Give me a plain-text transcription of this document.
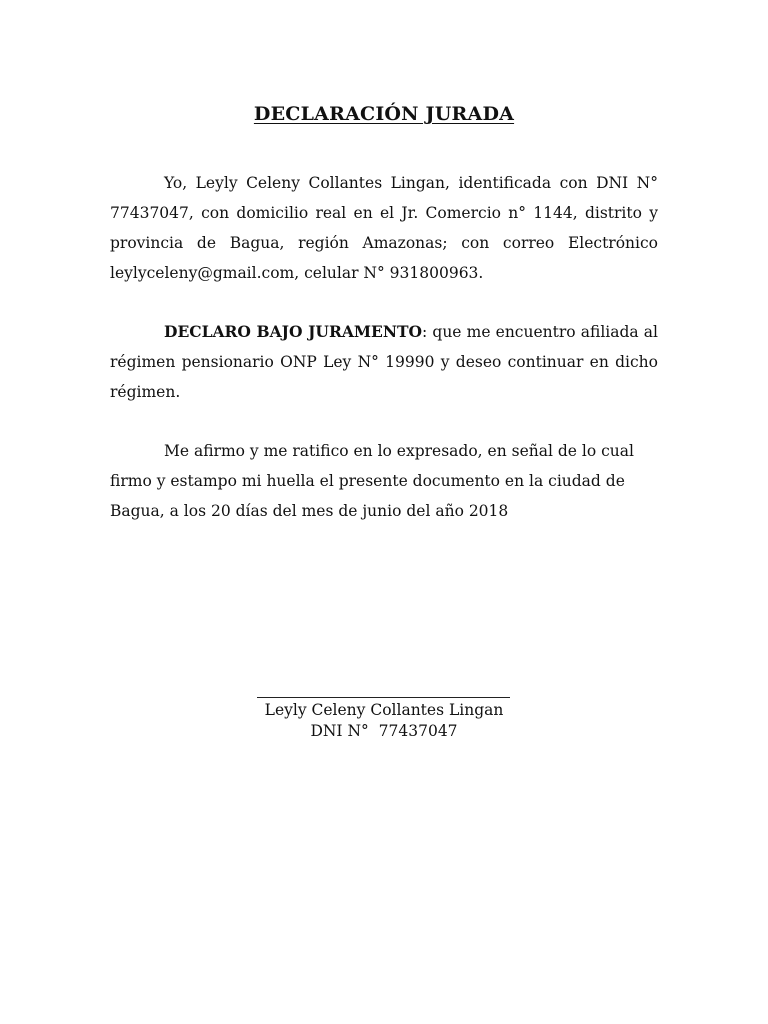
DECLARACIÓN JURADA

Yo, Leyly Celeny Collantes Lingan, identificada con DNI N° 77437047, con domicilio real en el Jr. Comercio n° 1144, distrito y provincia de Bagua, región Amazonas; con correo Electrónico leylyceleny@gmail.com, celular N° 931800963.

DECLARO BAJO JURAMENTO: que me encuentro afiliada al régimen pensionario ONP Ley N° 19990 y deseo continuar en dicho régimen.

Me afirmo y me ratifico en lo expresado, en señal de lo cual firmo y estampo mi huella el presente documento en la ciudad de Bagua, a los 20 días del mes de junio del año 2018

Leyly Celeny Collantes Lingan
DNI N°  77437047
